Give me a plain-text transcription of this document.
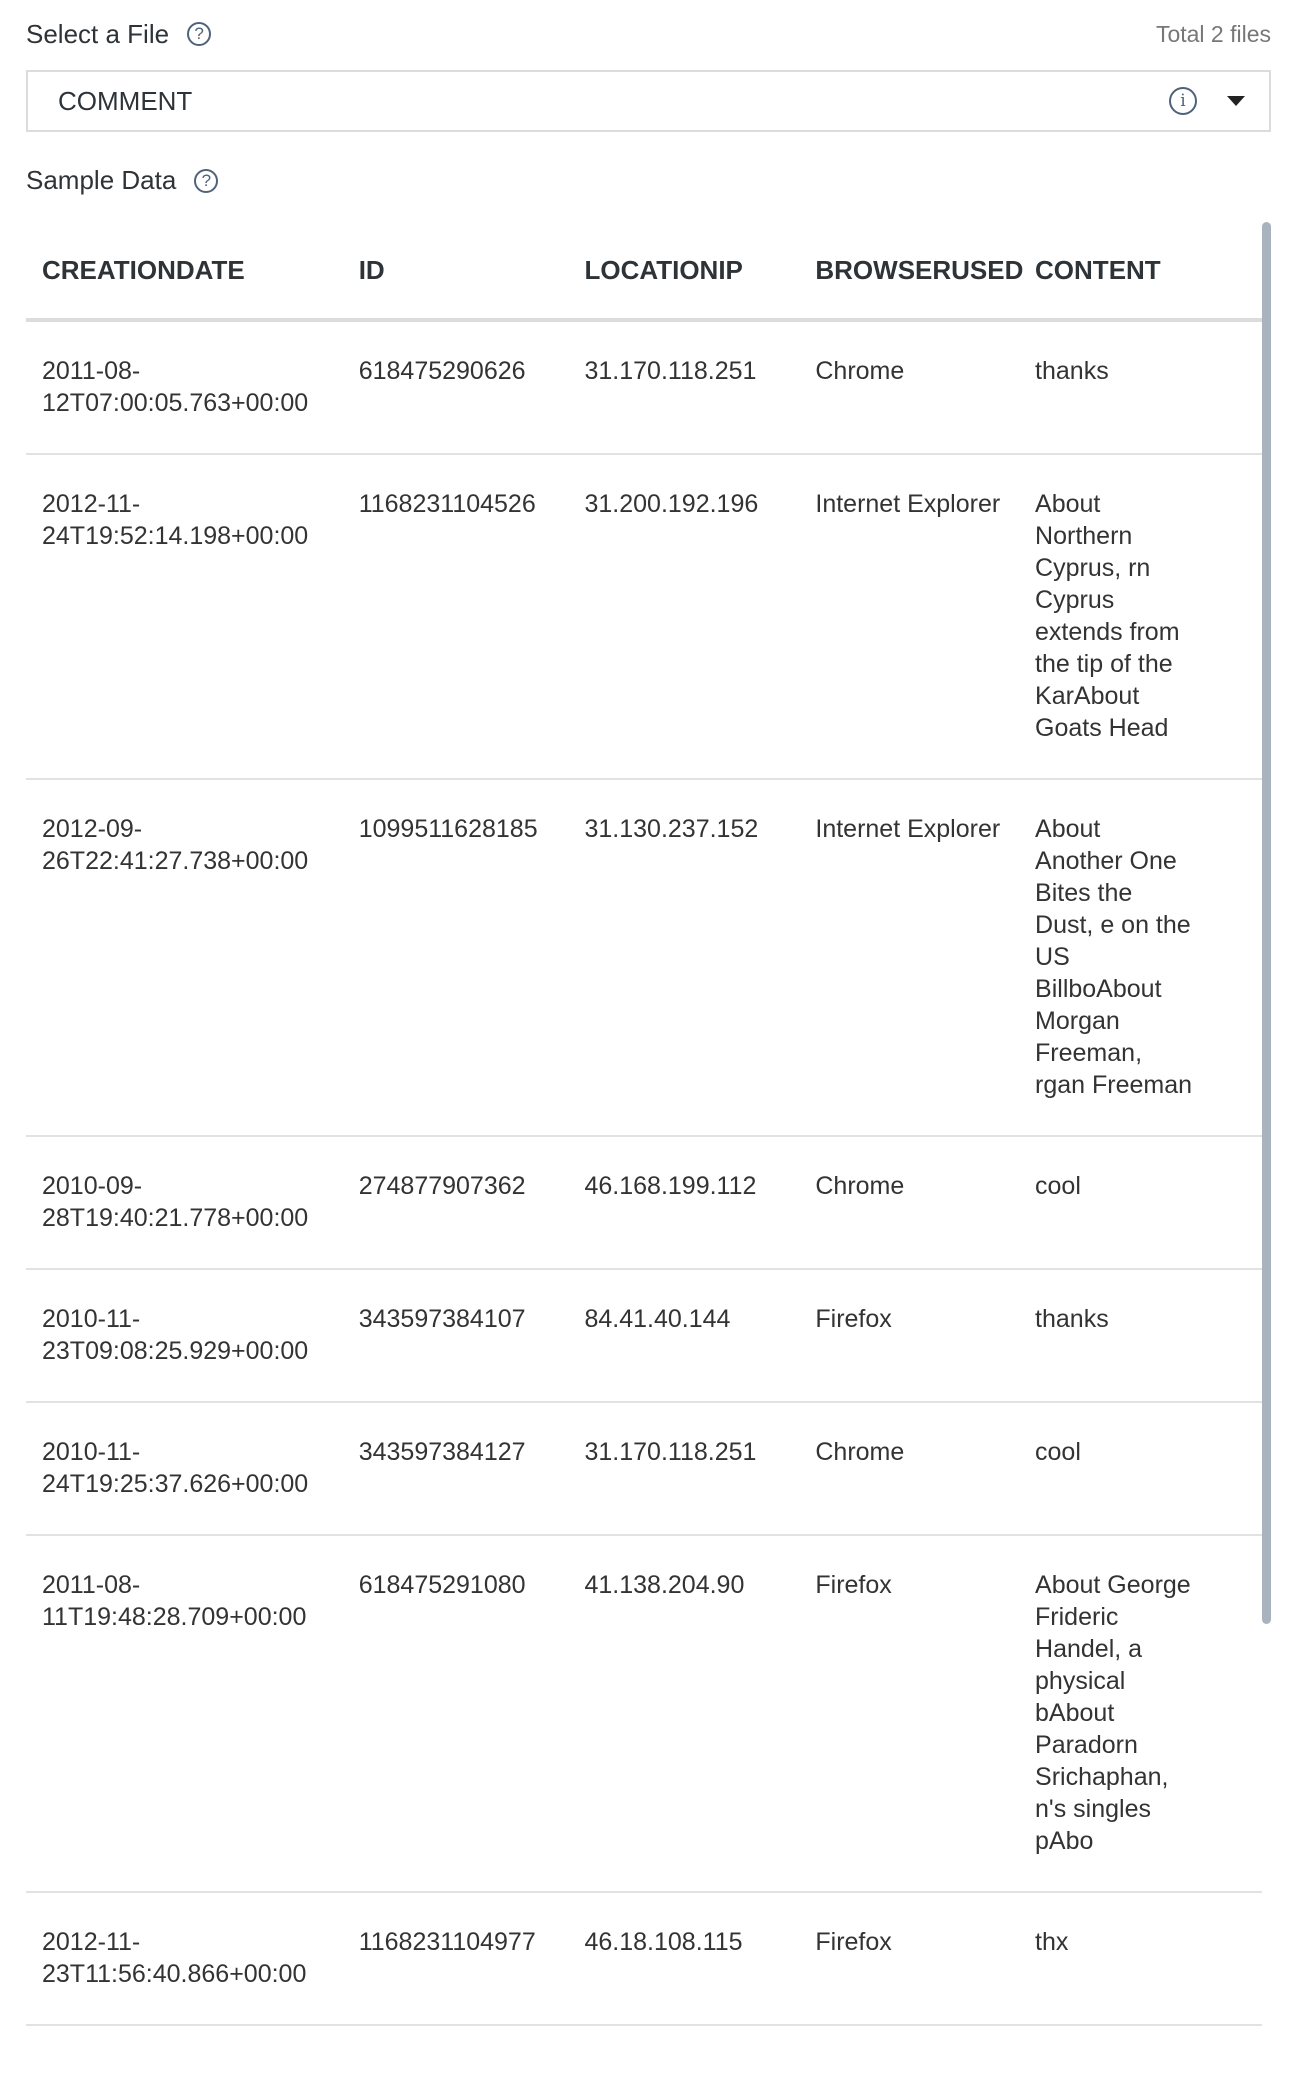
Select a File	?	Total 2 files
COMMENT	i
Sample Data	?
CREATIONDATE	ID	LOCATIONIP	BROWSERUSED	CONTENT	
2011-08-12T07:00:05.763+00:00	618475290626	31.170.118.251	Chrome	thanks	
2012-11-24T19:52:14.198+00:00	1168231104526	31.200.192.196	Internet Explorer	About Northern Cyprus, rn Cyprus extends from the tip of the KarAbout Goats Head	
2012-09-26T22:41:27.738+00:00	1099511628185	31.130.237.152	Internet Explorer	About Another One Bites the Dust, e on the US BillboAbout Morgan Freeman, rgan Freeman	
2010-09-28T19:40:21.778+00:00	274877907362	46.168.199.112	Chrome	cool	
2010-11-23T09:08:25.929+00:00	343597384107	84.41.40.144	Firefox	thanks	
2010-11-24T19:25:37.626+00:00	343597384127	31.170.118.251	Chrome	cool	
2011-08-11T19:48:28.709+00:00	618475291080	41.138.204.90	Firefox	About George Frideric Handel, a physical bAbout Paradorn Srichaphan, n's singles pAbo	
2012-11-23T11:56:40.866+00:00	1168231104977	46.18.108.115	Firefox	thx	
